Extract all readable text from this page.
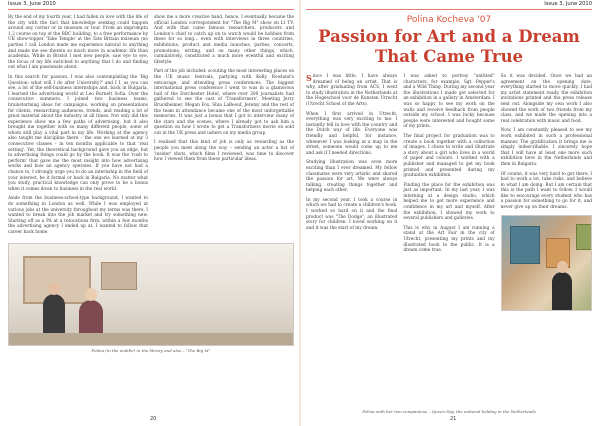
Issue 3, June 2010

By the end of my fourth year, I had fallen in love with the life of the city with the fact that knowledge seeking could happen around any corner or in museum or tour. From an impromptu 1,2 course on top of the BBC building, to a free performance by UK show-topper 'Take Temple' at the Tate Britain museum (no parties I call London made me experience natural to anything and made me see therein so much more in academic life than academia. While in Bristol I met new people, saw eye to eye, the focus of my life switched to anything that I do and finding out what I am passionate about.

In this search for passion, I was also contemplating the 'Big Question: what will I do after University?' and I I, as you can see, a lot of the self-business internships and, back in Bulgaria, I learned the advertising world at Leo Burnett Sofia. Over the consecutive summers, I joined two business teams, brainstorming ideas for campaigns, working on presentations for clients, researching audiences, trends, and reading a lot of great material about the industry at all times. Not only did this experience show me a few paths of advertising, but it also brought me together with so many different people, some of whom still play a vital part in my life. Working at the agency also taught me discipline there – the one we learned at my 3 consecutive classes – in ten months applicable to that 'real setting'. Yet, the theoretical background gave you an edge, but in advertising things could go by the book. It was the 'rush to perform' that gave me the most insight into how advertising works and how an agency operates. If you have not had a chance to, I strongly urge you to do an internship in the field of your interest, be it formal or back in Bulgaria. No matter what you study, practical knowledge can only prove to be a bonus when it comes down to business in the real world.

Aside from the business-school-type background, I wanted to do something in London as well. While I was employed at various jobs at the university throughout my terms was there, I wanted to break into the job market and try something new. Starting off as a PA at a relocations firm, within a few months the advertising agency I ended up at, I wanted to follow that career back home.

show me a more creative hand, hence, I eventually became the official London correspondent for "The Big M" show on Lt TV. And with that came famous researchers, producers and London's chief to catch up on to watch would be hobbies from these for so long... even with interviews in three countries, exhibitions, product and media launches, parties, concerts, promotions, writing, and on many other things, which, cumulatively, constituted a much more eventful and exciting lifestyle.

Part of the job included: scouting the most interesting places on the UK music festivals, partying with Kelly Rowland's entourage, and attending press conferences. The biggest international press conference I went to was in a glamorous hall of the Dorchester Hotel, where over 300 journalists had gathered to see the cast of 'Transformers'. Meeting Jerry Bruckheimer, Megan Fox, Shia LaBeouf, Jeremy and the rest of the team in attendance became one of the most unforgettable memories. It was just a bonus that I got to interview many of the stars and the scenes, where I already got to ask him a question on how I wrote to get a Transformers movie on sold out in the UK press and ushers on my media group.

I realised that this kind of job is only as rewarding as the people you meet along the way – sending an actor a list of 'insider' shots, which films I reviewed, was time to discover how I viewed them from these particular ideas.

Polina (in the middle) in the library and also – "The Big M"
20
Issue 3, June 2010
Polina Kocheva '07
Passion for Art and a Dream
That Came True

Since I was little, I have always dreamed of being an artist. That is why, after graduating from ACS, I went to study illustration in the Netherlands at the Hogeschool voor de Kunsten Utrecht (Utrecht School of the Arts).

When I first arrived in Utrecht, everything was very exciting to me. I instantly fell in love with the country and the Dutch way of life. Everyone was friendly and helpful, for instance, whenever I was looking at a map in the street, someone would come up to me and ask if I needed directions.

Studying illustration was even more exciting than I ever dreamed. My fellow classmates were very artistic and shared the passion for art. We were always talking, creating things together and helping each other.

In my second year, I took a course in which we had to create a children's book. I worked so hard on it and the final product was "The Dodge", an illustrated story for children. I loved working on it and it was the start of my dream.

I was asked to portray "untitled" characters, for example, Sgt. Pepper's and a Wild Thing. During my second year the illustrations I made got selected for an exhibition in a gallery in Amsterdam. I was so happy to see my work on the walls and receive feedback from people outside my school. I was lucky because people were interested and bought some of my prints.

The final project for graduation was to create a book together with a collection of images. I chose to write and illustrate a story about a girl who lives in a world of paper and colours. I worked with a publisher and managed to get my book printed and presented during my graduation exhibition.

Finding the place for the exhibition was just as important. In my last year, I was interning at a design studio, which helped me to get more experience and confidence in my art and myself. After the exhibition, I showed my work to several publishers and galleries.

This is why in August I am running a stand at the Art Fair in the city of Utrecht, presenting my prints and my illustrated book to the public. It is a dream come true.

So it was decided. Once we had an agreement on the opening date, everything started to move quickly. I had my artist statement ready, the exhibition invitations printed and the press release sent out. Alongside my own work I also showed the work of two friends from my class, and we made the opening into a real celebration with music and food.

Now, I am constantly pleased to see my work exhibited in such a professional manner. The gratification it brings me is simply indescribable. I sincerely hope that I will have at least one more such exhibition here in the Netherlands and then in Bulgaria.

Of course, it was very hard to get there; I had to work a lot, take risks, and believe in what I am doing. But I am certain that this is the path I want to follow. I would like to encourage every student who has a passion for something to go for it, and never give up on their dreams.

Polina with her two companions – Queen Day, the national holiday in the Netherlands
21
